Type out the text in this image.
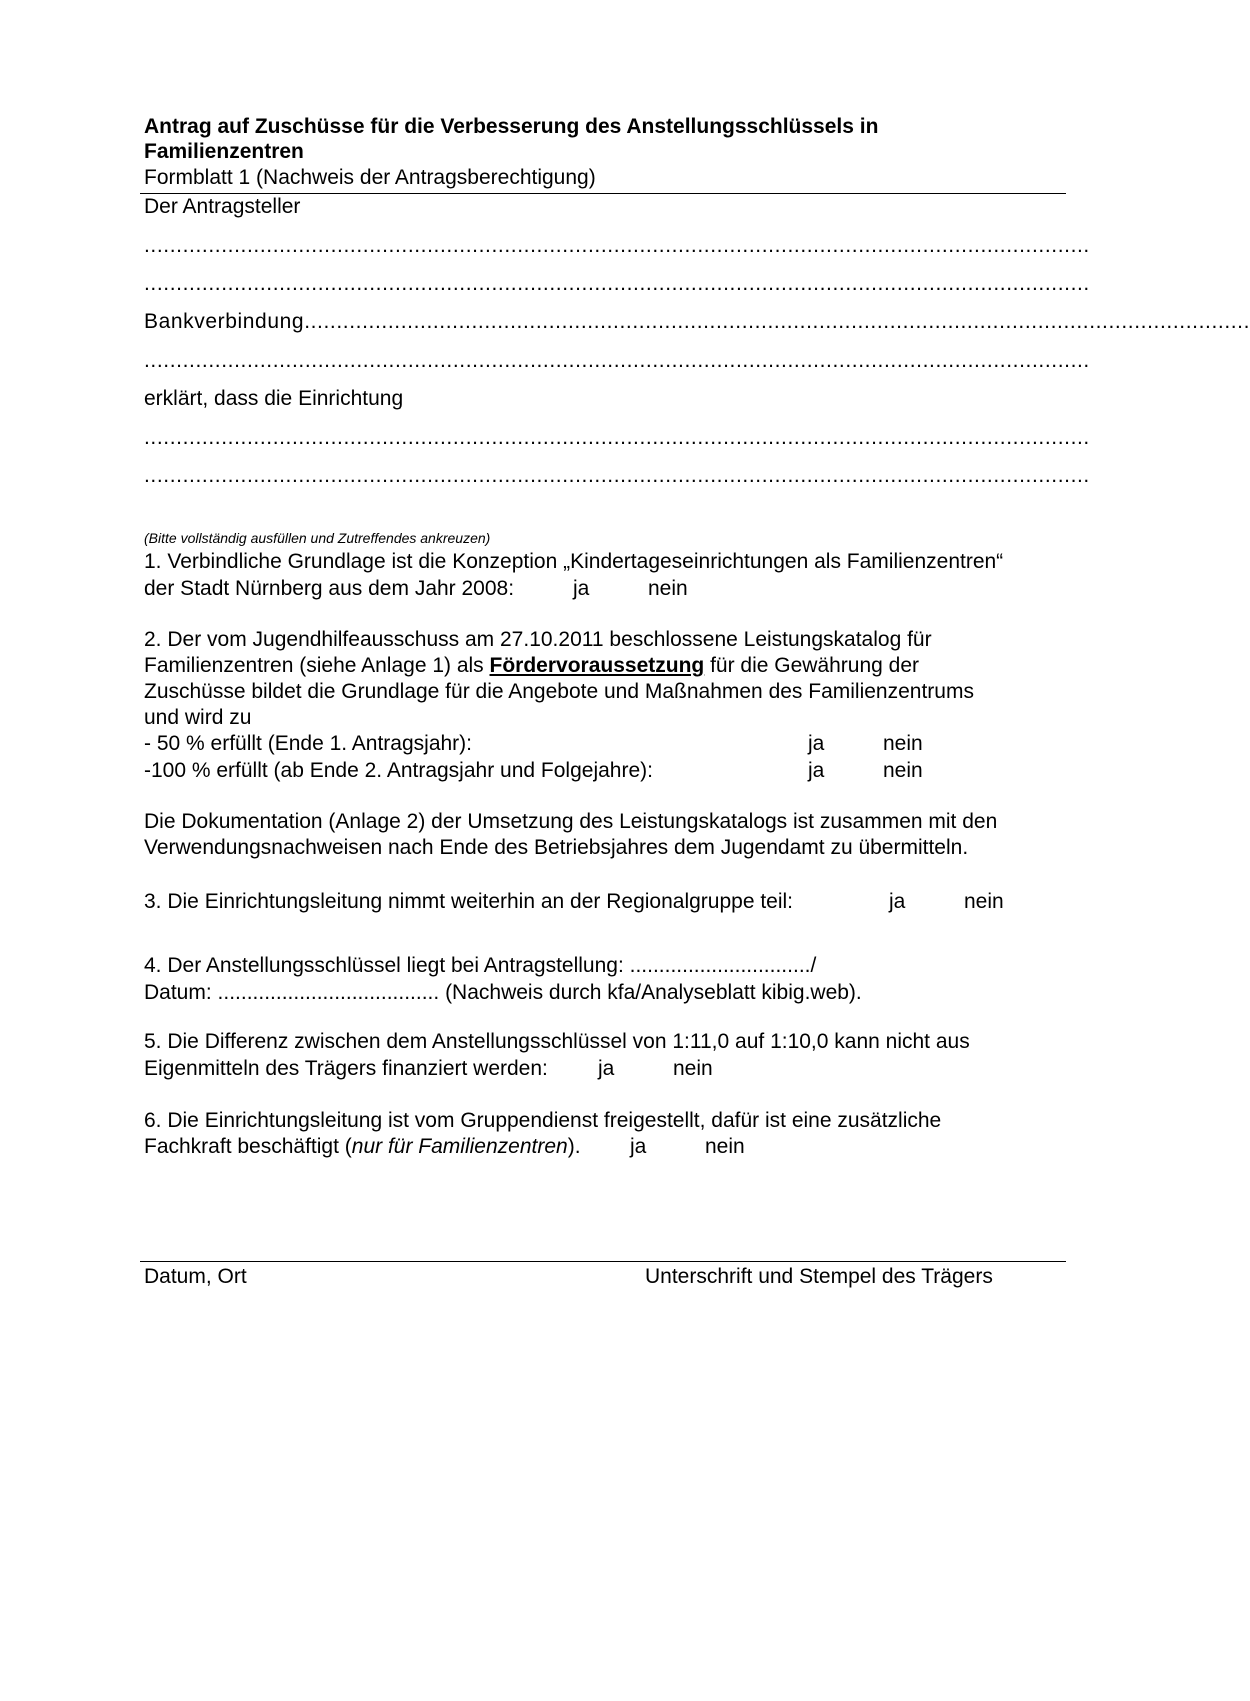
Antrag auf Zuschüsse für die Verbesserung des Anstellungsschlüssels in
Familienzentren
Formblatt 1 (Nachweis der Antragsberechtigung)
Der Antragsteller
...................................................................................................................................................
...................................................................................................................................................
Bankverbindung...................................................................................................................................................
...................................................................................................................................................
erklärt, dass die Einrichtung
...................................................................................................................................................
...................................................................................................................................................
(Bitte vollständig ausfüllen und Zutreffendes ankreuzen)
1. Verbindliche Grundlage ist die Konzeption „Kindertageseinrichtungen als Familienzentren“
der Stadt Nürnberg aus dem Jahr 2008:	ja	nein
2. Der vom Jugendhilfeausschuss am 27.10.2011 beschlossene Leistungskatalog für
Familienzentren (siehe Anlage 1) als Fördervoraussetzung für die Gewährung der
Zuschüsse bildet die Grundlage für die Angebote und Maßnahmen des Familienzentrums
und wird zu
- 50 % erfüllt (Ende 1. Antragsjahr):	ja	nein
-100 % erfüllt (ab Ende 2. Antragsjahr und Folgejahre):	ja	nein
Die Dokumentation (Anlage 2) der Umsetzung des Leistungskatalogs ist zusammen mit den
Verwendungsnachweisen nach Ende des Betriebsjahres dem Jugendamt zu übermitteln.
3. Die Einrichtungsleitung nimmt weiterhin an der Regionalgruppe teil:	ja	nein
4. Der Anstellungsschlüssel liegt bei Antragstellung: .............................../
Datum: ...................................... (Nachweis durch kfa/Analyseblatt kibig.web).
5. Die Differenz zwischen dem Anstellungsschlüssel von 1:11,0 auf 1:10,0 kann nicht aus
Eigenmitteln des Trägers finanziert werden: ja	nein
6. Die Einrichtungsleitung ist vom Gruppendienst freigestellt, dafür ist eine zusätzliche
Fachkraft beschäftigt (nur für Familienzentren). ja	nein
Datum, Ort	Unterschrift und Stempel des Trägers
